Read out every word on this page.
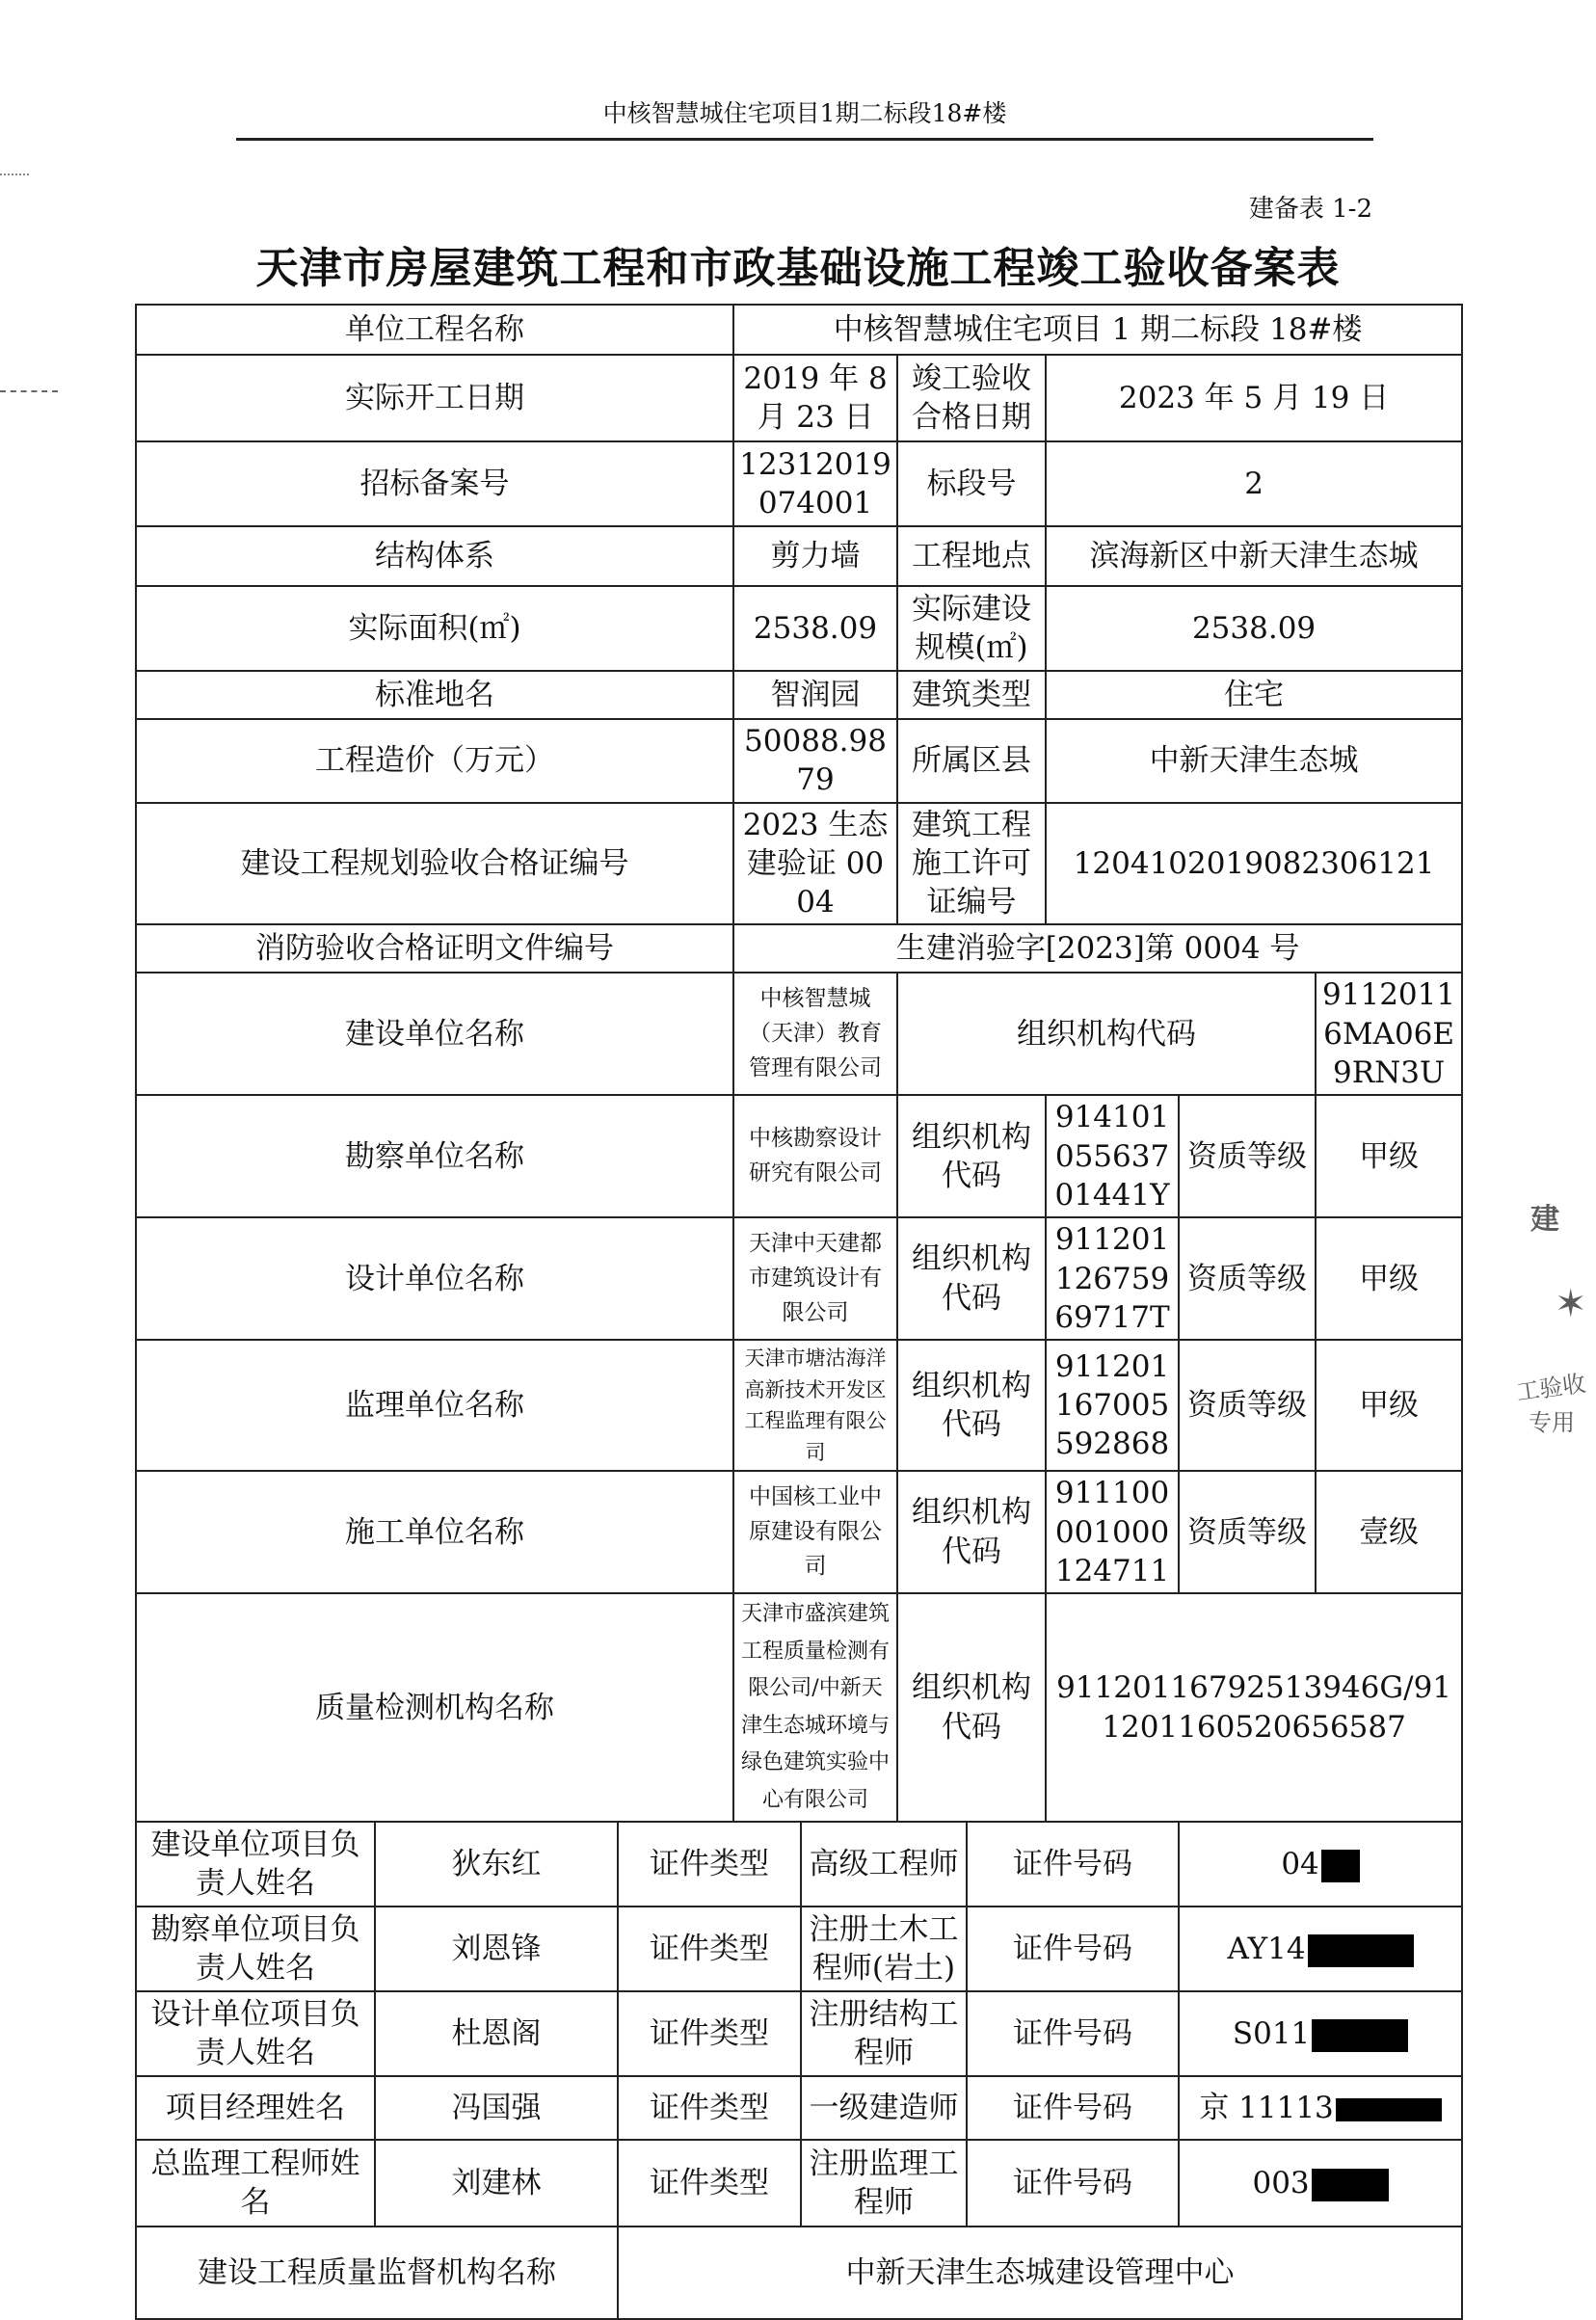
中核智慧城住宅项目1期二标段18#楼
建备表 1-2
天津市房屋建筑工程和市政基础设施工程竣工验收备案表
单位工程名称			中核智慧城住宅项目 1 期二标段 18#楼						
实际开工日期			2019 年 8 月 23 日		竣工验收合格日期		2023 年 5 月 19 日		
招标备案号			12312019074001		标段号		2		
结构体系			剪力墙		工程地点		滨海新区中新天津生态城		
实际面积(㎡)			2538.09		实际建设规模(㎡)		2538.09		
标准地名			智润园		建筑类型		住宅		
工程造价（万元）			50088.9879		所属区县		中新天津生态城		
建设工程规划验收合格证编号			2023 生态建验证 0004		建筑工程施工许可证编号		12041020190823061​21		
消防验收合格证明文件编号			生建消验字[2023]第 0004 号						
建设单位名称			中核智慧城（天津）教育管理有限公司		组织机构代码				91120116MA06E9RN3U
勘察单位名称			中核勘察设计研究有限公司		组织机构代码		91410105563701441Y	资质等级	甲级
设计单位名称			天津中天建都市建筑设计有限公司		组织机构代码		91120112675969717T	资质等级	甲级
监理单位名称			天津市塘沽海洋高新技术开发区工程监理有限公司		组织机构代码		911201167005592868	资质等级	甲级
施工单位名称			中国核工业中原建设有限公司		组织机构代码		911100001000124711	资质等级	壹级
质量检测机构名称			天津市盛滨建筑工程质量检测有限公司/中新天津生态城环境与绿色建筑实验中心有限公司		组织机构代码		91120116792513946G/911201160520656587		
建设单位项目负责人姓名	狄东红	证件类型		高级工程师		证件号码		04	
勘察单位项目负责人姓名	刘恩锋	证件类型		注册土木工程师(岩土)		证件号码		AY14	
设计单位项目负责人姓名	杜恩阁	证件类型		注册结构工程师		证件号码		S011	
项目经理姓名	冯国强	证件类型		一级建造师		证件号码		京 11113	
总监理工程师姓名	刘建林	证件类型		注册监理工程师		证件号码		003	
建设工程质量监督机构名称		中新天津生态城建设管理中心							
建
✶
工验收
专用
